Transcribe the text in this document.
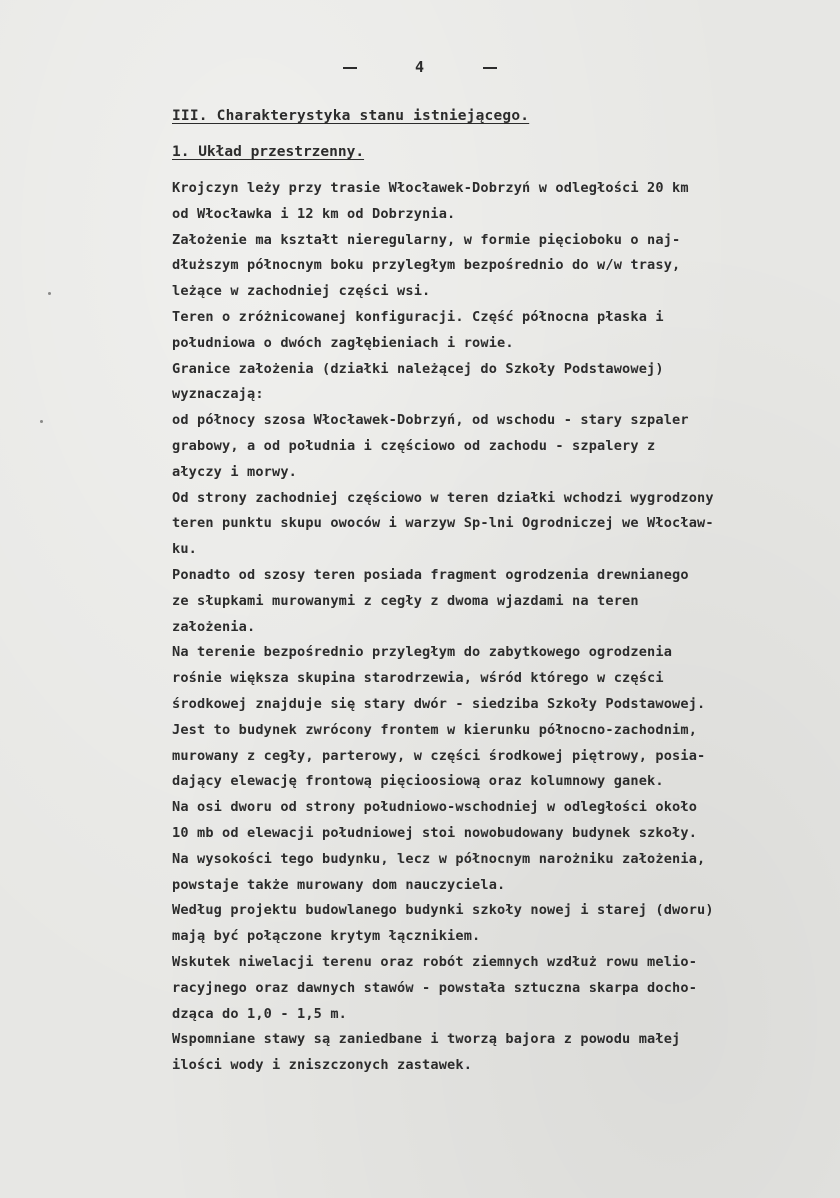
4
III. Charakterystyka stanu istniejącego.
1. Układ przestrzenny.
Krojczyn leży przy trasie Włocławek-Dobrzyń w odległości 20 km
od Włocławka i 12 km od Dobrzynia.
Założenie ma kształt nieregularny, w formie pięcioboku o naj-
dłuższym północnym boku przyległym bezpośrednio do w/w trasy,
leżące w zachodniej części wsi.
Teren o zróżnicowanej konfiguracji. Część północna płaska i
południowa o dwóch zagłębieniach i rowie.
Granice założenia (działki należącej do Szkoły Podstawowej)
wyznaczają:
od północy szosa Włocławek-Dobrzyń, od wschodu - stary szpaler
grabowy, a od południa i częściowo od zachodu - szpalery z
ałyczy i morwy.
Od strony zachodniej częściowo w teren działki wchodzi wygrodzony
teren punktu skupu owoców i warzyw Sp-lni Ogrodniczej we Włocław-
ku.
Ponadto od szosy teren posiada fragment ogrodzenia drewnianego
ze słupkami murowanymi z cegły z dwoma wjazdami na teren
założenia.
Na terenie bezpośrednio przyległym do zabytkowego ogrodzenia
rośnie większa skupina starodrzewia, wśród którego w części
środkowej znajduje się stary dwór - siedziba Szkoły Podstawowej.
Jest to budynek zwrócony frontem w kierunku północno-zachodnim,
murowany z cegły, parterowy, w części środkowej piętrowy, posia-
dający elewację frontową pięcioosiową oraz kolumnowy ganek.
Na osi dworu od strony południowo-wschodniej w odległości około
10 mb od elewacji południowej stoi nowobudowany budynek szkoły.
Na wysokości tego budynku, lecz w północnym narożniku założenia,
powstaje także murowany dom nauczyciela.
Według projektu budowlanego budynki szkoły nowej i starej (dworu)
mają być połączone krytym łącznikiem.
Wskutek niwelacji terenu oraz robót ziemnych wzdłuż rowu melio-
racyjnego oraz dawnych stawów - powstała sztuczna skarpa docho-
dząca do 1,0 - 1,5 m.
Wspomniane stawy są zaniedbane i tworzą bajora z powodu małej
ilości wody i zniszczonych zastawek.
